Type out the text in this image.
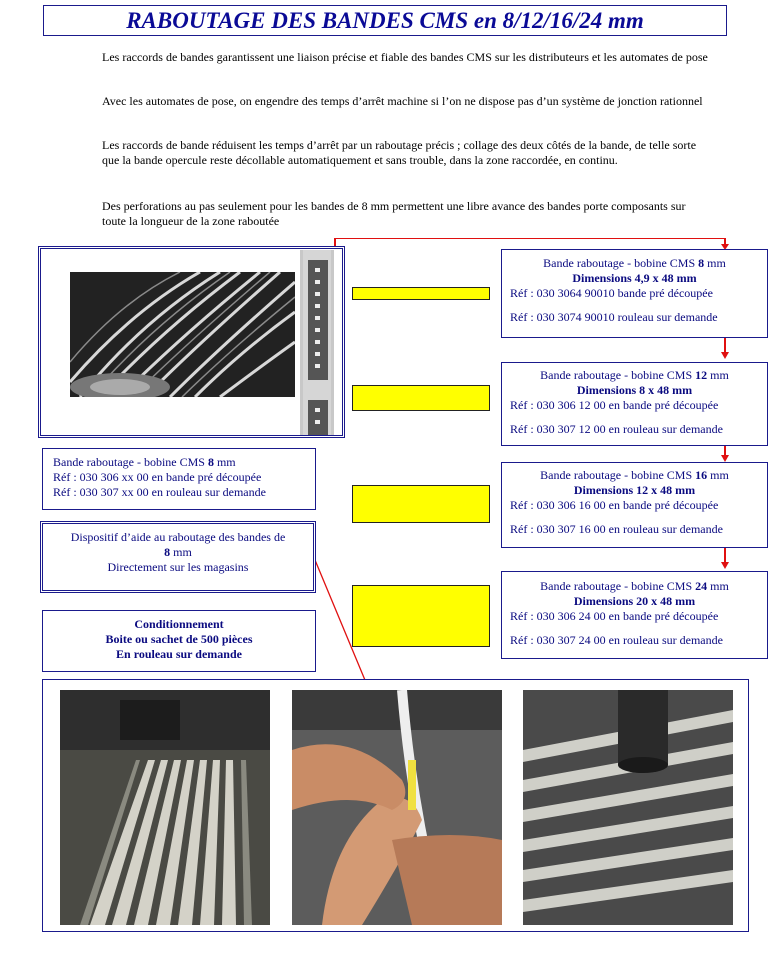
RABOUTAGE DES BANDES CMS en 8/12/16/24 mm
Les raccords de bandes garantissent une liaison précise et fiable des bandes CMS sur les distributeurs et les automates de pose
Avec les automates de pose, on engendre des temps d’arrêt machine si l’on ne dispose pas d’un système de jonction rationnel
Les raccords de bande réduisent les temps d’arrêt par un raboutage précis ; collage des deux côtés de la bande, de telle sorte que la bande opercule reste décollable automatiquement et sans trouble, dans la zone raccordée, en continu.
Des perforations au pas seulement pour les bandes de 8 mm permettent une libre avance des bandes porte composants sur toute la longueur de la zone raboutée
Bande raboutage - bobine CMS 8 mm
Dimensions 4,9 x 48 mm
Réf : 030 3064 90010 bande pré découpée
Réf : 030 3074 90010 rouleau sur demande
Bande raboutage - bobine CMS 12 mm
Dimensions 8 x 48 mm
Réf : 030 306 12 00 en bande pré découpée
Réf : 030 307 12 00 en rouleau sur demande
Bande raboutage - bobine CMS 16 mm
Dimensions 12 x 48 mm
Réf : 030 306 16 00 en bande pré découpée
Réf : 030 307 16 00 en rouleau sur demande
Bande raboutage - bobine CMS 24 mm
Dimensions 20 x 48 mm
Réf : 030 306 24 00 en bande pré découpée
Réf : 030 307 24 00 en rouleau sur demande
Bande raboutage - bobine CMS 8 mm
Réf : 030 306 xx 00 en bande pré découpée
Réf : 030 307 xx 00 en rouleau sur demande
Dispositif d’aide au raboutage des bandes de
8 mm
Directement sur les magasins
Conditionnement
Boite ou sachet de 500 pièces
En rouleau sur demande
